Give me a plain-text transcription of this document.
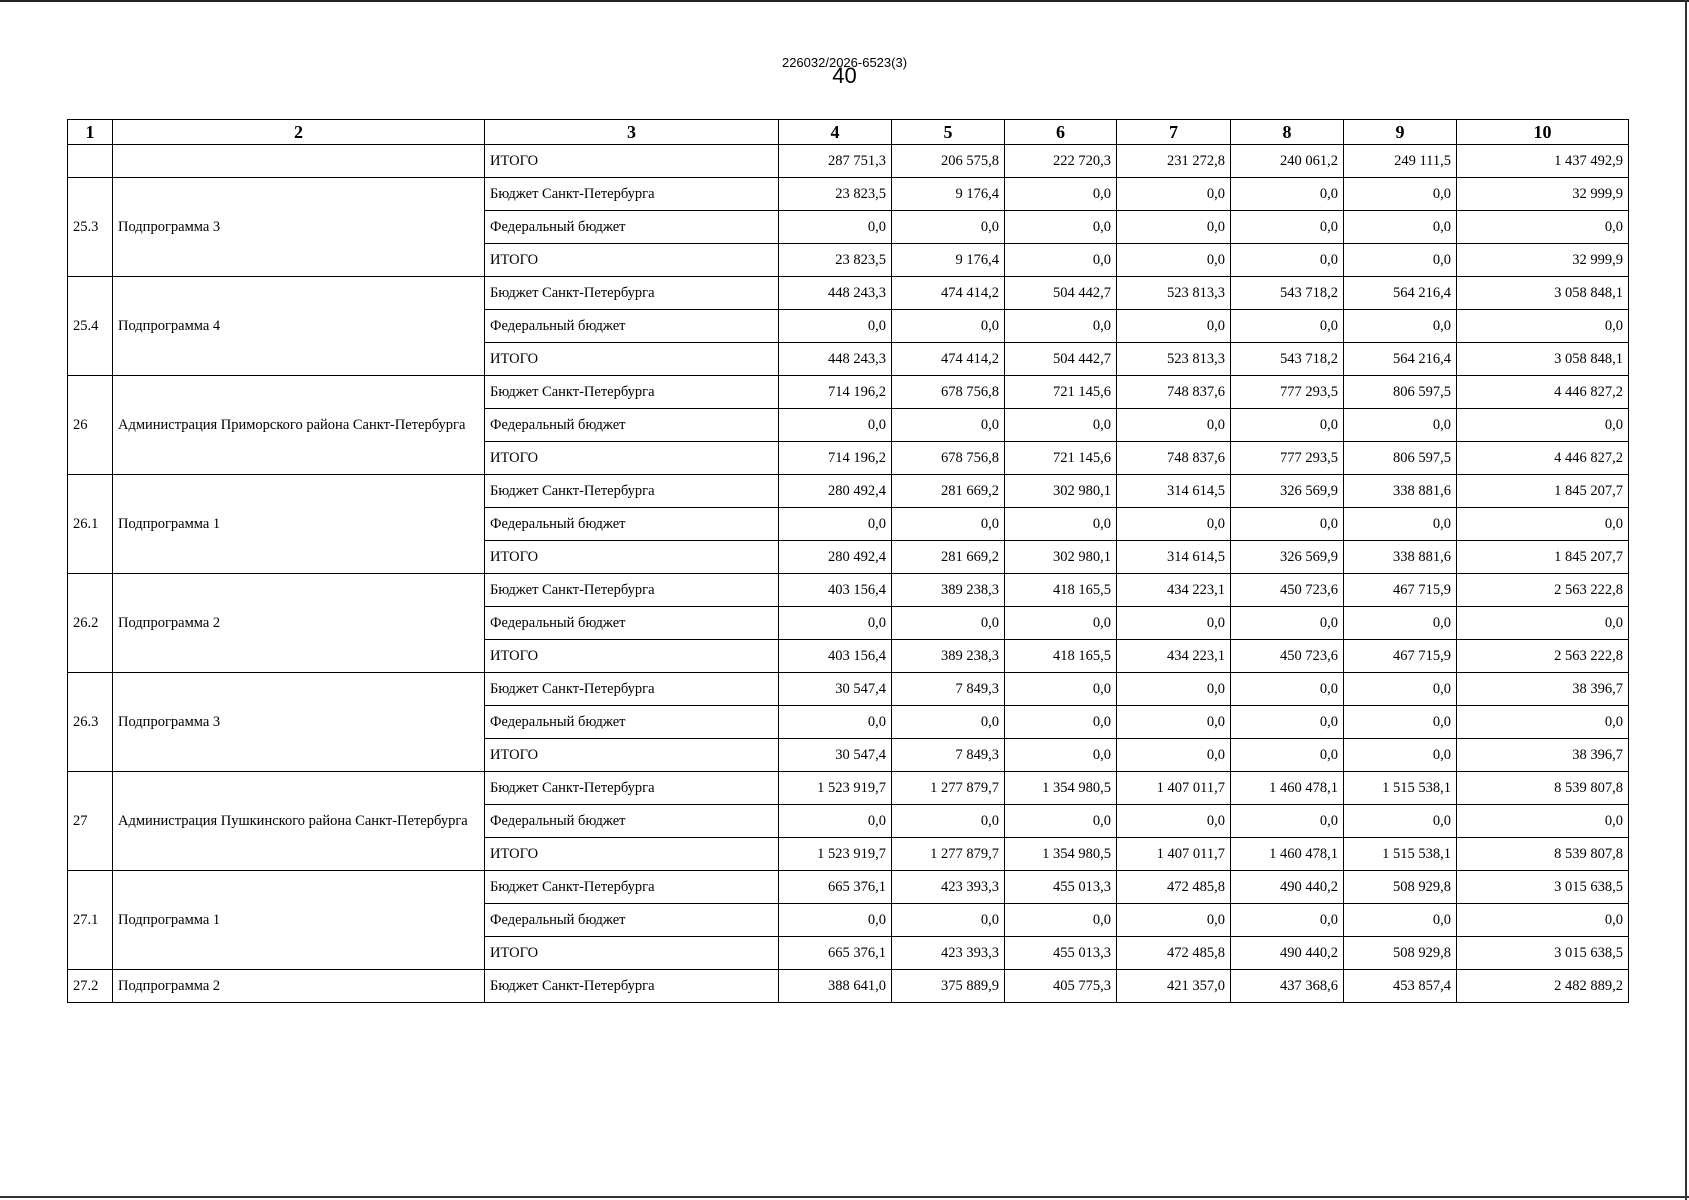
226032/2026-6523(3)
40
1	2	3	4	5	6	7	8	9	10
		ИТОГО	287 751,3	206 575,8	222 720,3	231 272,8	240 061,2	249 111,5	1 437 492,9
25.3	Подпрограмма 3	Бюджет Санкт-Петербурга	23 823,5	9 176,4	0,0	0,0	0,0	0,0	32 999,9
		Федеральный бюджет	0,0	0,0	0,0	0,0	0,0	0,0	0,0
		ИТОГО	23 823,5	9 176,4	0,0	0,0	0,0	0,0	32 999,9
25.4	Подпрограмма 4	Бюджет Санкт-Петербурга	448 243,3	474 414,2	504 442,7	523 813,3	543 718,2	564 216,4	3 058 848,1
		Федеральный бюджет	0,0	0,0	0,0	0,0	0,0	0,0	0,0
		ИТОГО	448 243,3	474 414,2	504 442,7	523 813,3	543 718,2	564 216,4	3 058 848,1
26	Администрация Приморского района Санкт-Петербурга	Бюджет Санкт-Петербурга	714 196,2	678 756,8	721 145,6	748 837,6	777 293,5	806 597,5	4 446 827,2
		Федеральный бюджет	0,0	0,0	0,0	0,0	0,0	0,0	0,0
		ИТОГО	714 196,2	678 756,8	721 145,6	748 837,6	777 293,5	806 597,5	4 446 827,2
26.1	Подпрограмма 1	Бюджет Санкт-Петербурга	280 492,4	281 669,2	302 980,1	314 614,5	326 569,9	338 881,6	1 845 207,7
		Федеральный бюджет	0,0	0,0	0,0	0,0	0,0	0,0	0,0
		ИТОГО	280 492,4	281 669,2	302 980,1	314 614,5	326 569,9	338 881,6	1 845 207,7
26.2	Подпрограмма 2	Бюджет Санкт-Петербурга	403 156,4	389 238,3	418 165,5	434 223,1	450 723,6	467 715,9	2 563 222,8
		Федеральный бюджет	0,0	0,0	0,0	0,0	0,0	0,0	0,0
		ИТОГО	403 156,4	389 238,3	418 165,5	434 223,1	450 723,6	467 715,9	2 563 222,8
26.3	Подпрограмма 3	Бюджет Санкт-Петербурга	30 547,4	7 849,3	0,0	0,0	0,0	0,0	38 396,7
		Федеральный бюджет	0,0	0,0	0,0	0,0	0,0	0,0	0,0
		ИТОГО	30 547,4	7 849,3	0,0	0,0	0,0	0,0	38 396,7
27	Администрация Пушкинского района Санкт-Петербурга	Бюджет Санкт-Петербурга	1 523 919,7	1 277 879,7	1 354 980,5	1 407 011,7	1 460 478,1	1 515 538,1	8 539 807,8
		Федеральный бюджет	0,0	0,0	0,0	0,0	0,0	0,0	0,0
		ИТОГО	1 523 919,7	1 277 879,7	1 354 980,5	1 407 011,7	1 460 478,1	1 515 538,1	8 539 807,8
27.1	Подпрограмма 1	Бюджет Санкт-Петербурга	665 376,1	423 393,3	455 013,3	472 485,8	490 440,2	508 929,8	3 015 638,5
		Федеральный бюджет	0,0	0,0	0,0	0,0	0,0	0,0	0,0
		ИТОГО	665 376,1	423 393,3	455 013,3	472 485,8	490 440,2	508 929,8	3 015 638,5
27.2	Подпрограмма 2	Бюджет Санкт-Петербурга	388 641,0	375 889,9	405 775,3	421 357,0	437 368,6	453 857,4	2 482 889,2
